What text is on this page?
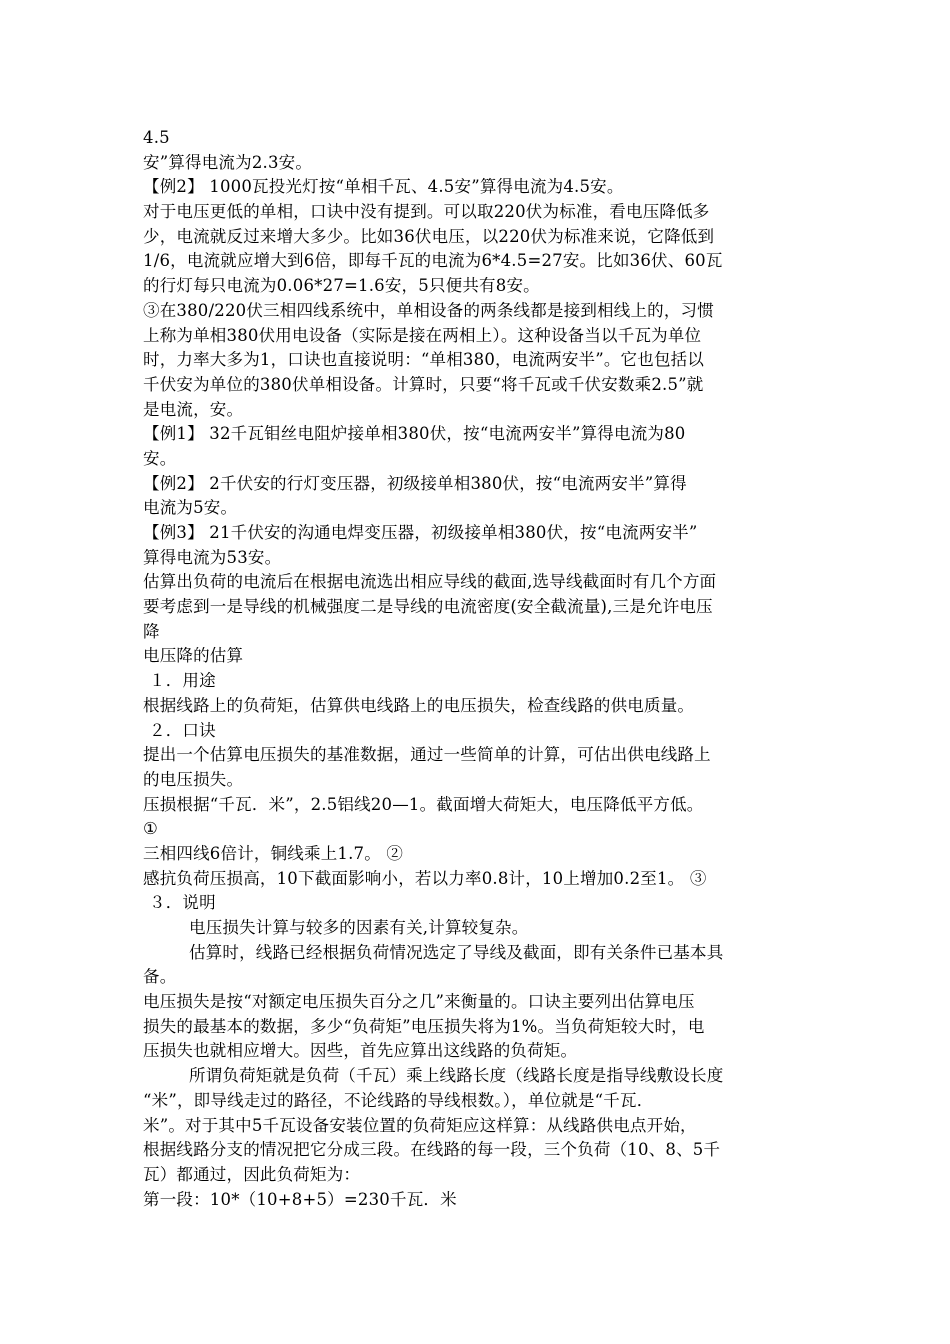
4.5
安”算得电流为2.3安。
【例2】 1000瓦投光灯按“单相千瓦、4.5安”算得电流为4.5安。
对于电压更低的单相，口诀中没有提到。可以取220伏为标准，看电压降低多
少，电流就反过来增大多少。比如36伏电压，以220伏为标准来说，它降低到
1/6，电流就应增大到6倍，即每千瓦的电流为6*4.5=27安。比如36伏、60瓦
的行灯每只电流为0.06*27=1.6安，5只便共有8安。
③在380/220伏三相四线系统中，单相设备的两条线都是接到相线上的，习惯
上称为单相380伏用电设备（实际是接在两相上）。这种设备当以千瓦为单位
时，力率大多为1，口诀也直接说明：“单相380，电流两安半”。它也包括以
千伏安为单位的380伏单相设备。计算时，只要“将千瓦或千伏安数乘2.5”就
是电流，安。
【例1】 32千瓦钼丝电阻炉接单相380伏，按“电流两安半”算得电流为80
安。
【例2】 2千伏安的行灯变压器，初级接单相380伏，按“电流两安半”算得
电流为5安。
【例3】 21千伏安的沟通电焊变压器，初级接单相380伏，按“电流两安半”
算得电流为53安。
估算出负荷的电流后在根据电流选出相应导线的截面,选导线截面时有几个方面
要考虑到一是导线的机械强度二是导线的电流密度(安全截流量),三是允许电压
降
电压降的估算
１．用途
根据线路上的负荷矩，估算供电线路上的电压损失，检查线路的供电质量。
２．口诀
提出一个估算电压损失的基准数据，通过一些简单的计算，可估出供电线路上
的电压损失。
压损根据“千瓦．米”，2.5铝线20—1。截面增大荷矩大，电压降低平方低。
①
三相四线6倍计，铜线乘上1.7。 ②
感抗负荷压损高，10下截面影响小，若以力率0.8计，10上增加0.2至1。 ③
３．说明
电压损失计算与较多的因素有关,计算较复杂。
估算时，线路已经根据负荷情况选定了导线及截面，即有关条件已基本具
备。
电压损失是按“对额定电压损失百分之几”来衡量的。口诀主要列出估算电压
损失的最基本的数据，多少“负荷矩”电压损失将为1%。当负荷矩较大时，电
压损失也就相应增大。因些，首先应算出这线路的负荷矩。
所谓负荷矩就是负荷（千瓦）乘上线路长度（线路长度是指导线敷设长度
“米”，即导线走过的路径，不论线路的导线根数。），单位就是“千瓦．
米”。对于其中5千瓦设备安装位置的负荷矩应这样算：从线路供电点开始，
根据线路分支的情况把它分成三段。在线路的每一段，三个负荷（10、8、5千
瓦）都通过，因此负荷矩为：
第一段：10*（10+8+5）=230千瓦．米
